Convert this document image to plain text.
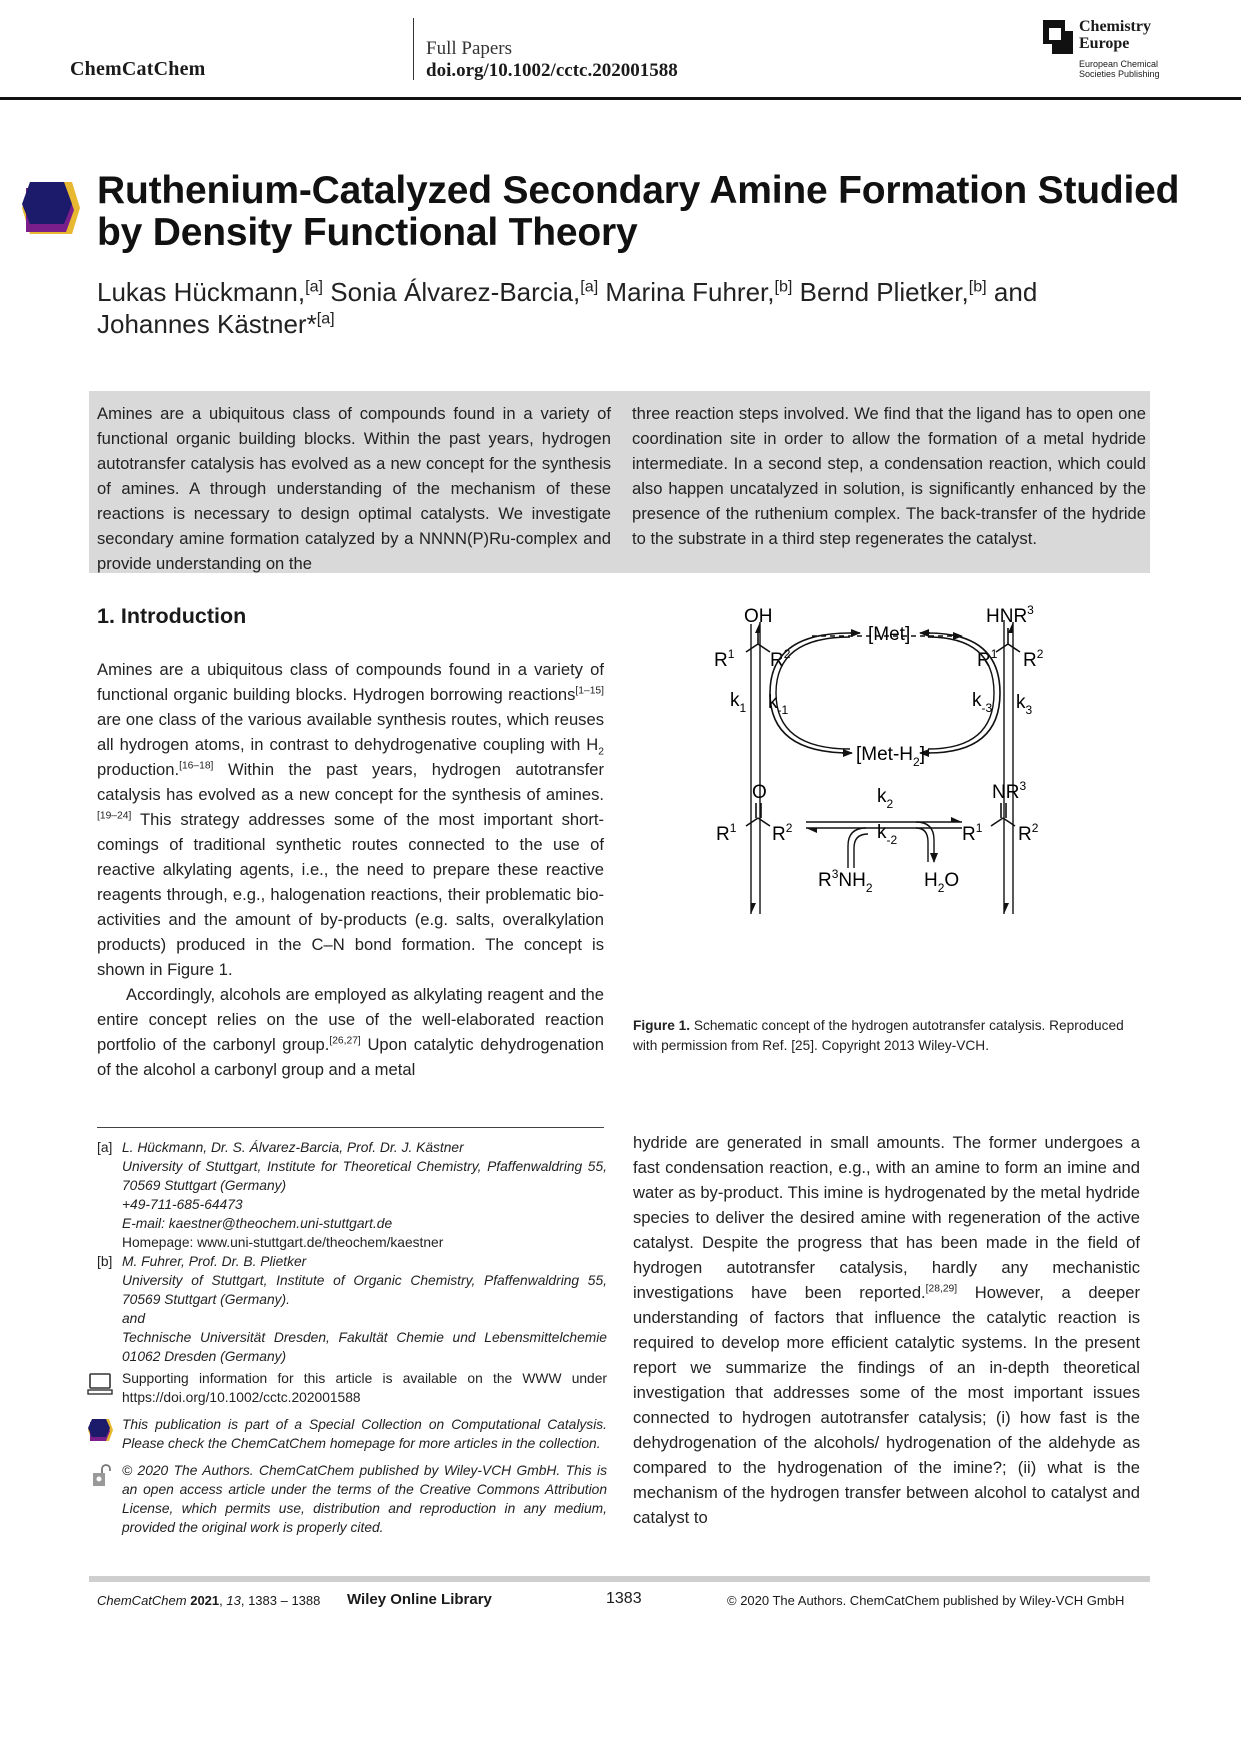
ChemCatChem
Full Papers
doi.org/10.1002/cctc.202001588
Chemistry
Europe
European Chemical
Societies Publishing
Ruthenium-Catalyzed Secondary Amine Formation Studied
by Density Functional Theory
Lukas Hückmann,[a] Sonia Álvarez-Barcia,[a] Marina Fuhrer,[b] Bernd Plietker,[b] and
Johannes Kästner*[a]

Amines are a ubiquitous class of compounds found in a variety of functional organic building blocks. Within the past years, hydrogen autotransfer catalysis has evolved as a new concept for the synthesis of amines. A through understanding of the mechanism of these reactions is necessary to design optimal catalysts. We investigate secondary amine formation catalyzed by a NNNN(P)Ru-complex and provide understanding on the

three reaction steps involved. We find that the ligand has to open one coordination site in order to allow the formation of a metal hydride intermediate. In a second step, a condensation reaction, which could also happen uncatalyzed in solution, is significantly enhanced by the presence of the ruthenium complex. The back-transfer of the hydride to the substrate in a third step regenerates the catalyst.

1. Introduction

Amines are a ubiquitous class of compounds found in a variety of functional organic building blocks. Hydrogen borrowing reactions[1–15] are one class of the various available synthesis routes, which reuses all hydrogen atoms, in contrast to dehydrogenative coupling with $H_2$ production.[16–18] Within the past years, hydrogen autotransfer catalysis has evolved as a new concept for the synthesis of amines.[19–24] This strategy addresses some of the most important short-comings of traditional synthetic routes connected to the use of reactive alkylating agents, i.e., the need to prepare these reactive reagents through, e.g., halogenation reactions, their problematic bio-activities and the amount of by-products (e.g. salts, overalkylation products) produced in the C–N bond formation. The concept is shown in Figure 1.

Accordingly, alcohols are employed as alkylating reagent and the entire concept relies on the use of the well-elaborated reaction portfolio of the carbonyl group.[26,27] Upon catalytic dehydrogenation of the alcohol a carbonyl group and a metal

OH
$R^1$ $R^2$
HNR$^3$
$R^1$ $R^2$
[Met]
$[Met-H_2]$
$k_1$ $k_{-1}$	$k_{-3}$ $k_3$
O
$R^1$ $R^2$
$k_2$
$k_{-2}$
$NR^3$
$R^1$ $R^2$
$R^3NH_2$	$H_2O$
Figure 1. Schematic concept of the hydrogen autotransfer catalysis. Reproduced with permission from Ref. [25]. Copyright 2013 Wiley-VCH.
[a] L. Hückmann, Dr. S. Álvarez-Barcia, Prof. Dr. J. Kästner
University of Stuttgart, Institute for Theoretical Chemistry, Pfaffenwaldring 55, 70569 Stuttgart (Germany)
+49-711-685-64473
E-mail: kaestner@theochem.uni-stuttgart.de
Homepage: www.uni-stuttgart.de/theochem/kaestner
[b] M. Fuhrer, Prof. Dr. B. Plietker
University of Stuttgart, Institute of Organic Chemistry, Pfaffenwaldring 55, 70569 Stuttgart (Germany).
and
Technische Universität Dresden, Fakultät Chemie und Lebensmittelchemie 01062 Dresden (Germany)
Supporting information for this article is available on the WWW under https://doi.org/10.1002/cctc.202001588
This publication is part of a Special Collection on Computational Catalysis. Please check the ChemCatChem homepage for more articles in the collection.
© 2020 The Authors. ChemCatChem published by Wiley-VCH GmbH. This is an open access article under the terms of the Creative Commons Attribution License, which permits use, distribution and reproduction in any medium, provided the original work is properly cited.

hydride are generated in small amounts. The former undergoes a fast condensation reaction, e.g., with an amine to form an imine and water as by-product. This imine is hydrogenated by the metal hydride species to deliver the desired amine with regeneration of the active catalyst. Despite the progress that has been made in the field of hydrogen autotransfer catalysis, hardly any mechanistic investigations have been reported.[28,29] However, a deeper understanding of factors that influence the catalytic reaction is required to develop more efficient catalytic systems. In the present report we summarize the findings of an in-depth theoretical investigation that addresses some of the most important issues connected to hydrogen autotransfer catalysis; (i) how fast is the dehydrogenation of the alcohols/ hydrogenation of the aldehyde as compared to the hydrogenation of the imine?; (ii) what is the mechanism of the hydrogen transfer between alcohol to catalyst and catalyst to

ChemCatChem 2021, 13, 1383 – 1388 Wiley Online Library	1383	© 2020 The Authors. ChemCatChem published by Wiley-VCH GmbH
